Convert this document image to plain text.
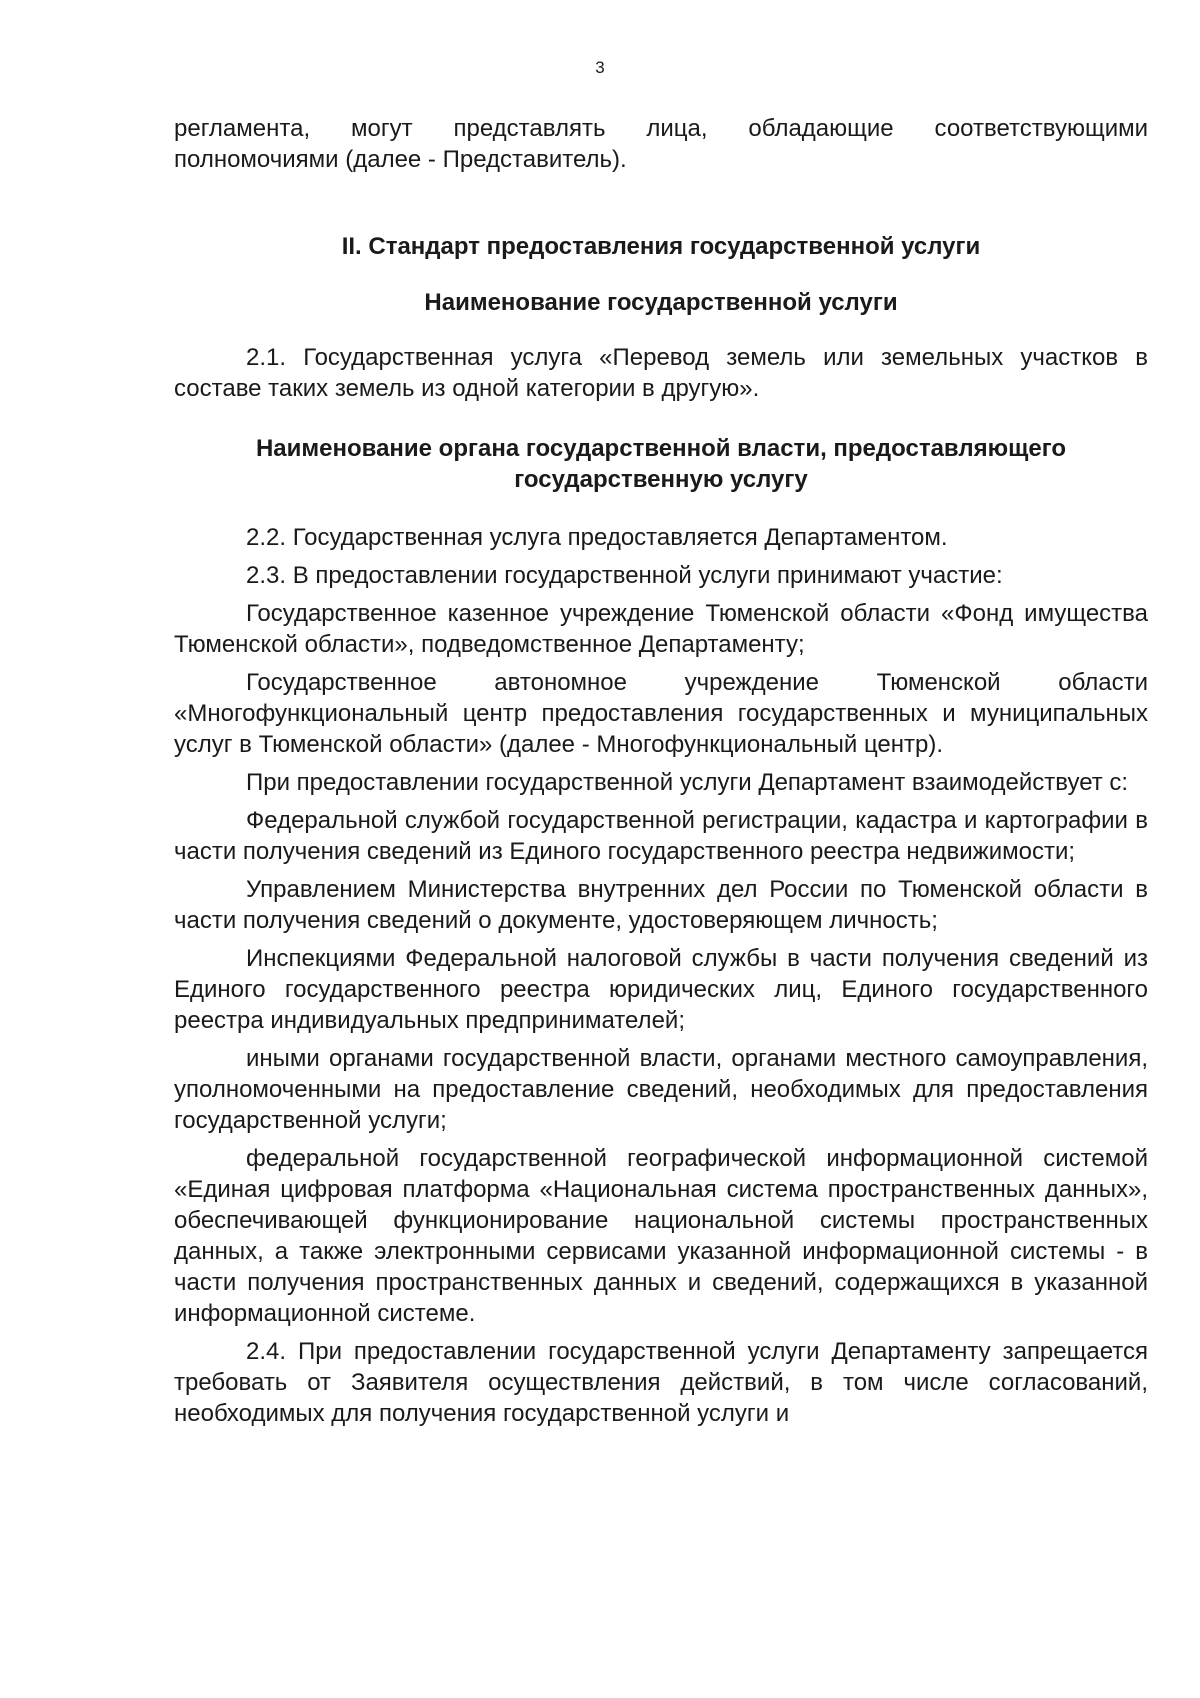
3

регламента, могут представлять лица, обладающие соответствующими полномочиями (далее - Представитель).

II. Стандарт предоставления государственной услуги
Наименование государственной услуги

2.1. Государственная услуга «Перевод земель или земельных участков в составе таких земель из одной категории в другую».

Наименование органа государственной власти, предоставляющего государственную услугу

2.2. Государственная услуга предоставляется Департаментом.

2.3. В предоставлении государственной услуги принимают участие:

Государственное казенное учреждение Тюменской области «Фонд имущества Тюменской области», подведомственное Департаменту;

Государственное автономное учреждение Тюменской области «Многофункциональный центр предоставления государственных и муниципальных услуг в Тюменской области» (далее - Многофункциональный центр).

При предоставлении государственной услуги Департамент взаимодействует с:

Федеральной службой государственной регистрации, кадастра и картографии в части получения сведений из Единого государственного реестра недвижимости;

Управлением Министерства внутренних дел России по Тюменской области в части получения сведений о документе, удостоверяющем личность;

Инспекциями Федеральной налоговой службы в части получения сведений из Единого государственного реестра юридических лиц, Единого государственного реестра индивидуальных предпринимателей;

иными органами государственной власти, органами местного самоуправления, уполномоченными на предоставление сведений, необходимых для предоставления государственной услуги;

федеральной государственной географической информационной системой «Единая цифровая платформа «Национальная система пространственных данных», обеспечивающей функционирование национальной системы пространственных данных, а также электронными сервисами указанной информационной системы - в части получения пространственных данных и сведений, содержащихся в указанной информационной системе.

2.4. При предоставлении государственной услуги Департаменту запрещается требовать от Заявителя осуществления действий, в том числе согласований, необходимых для получения государственной услуги и
